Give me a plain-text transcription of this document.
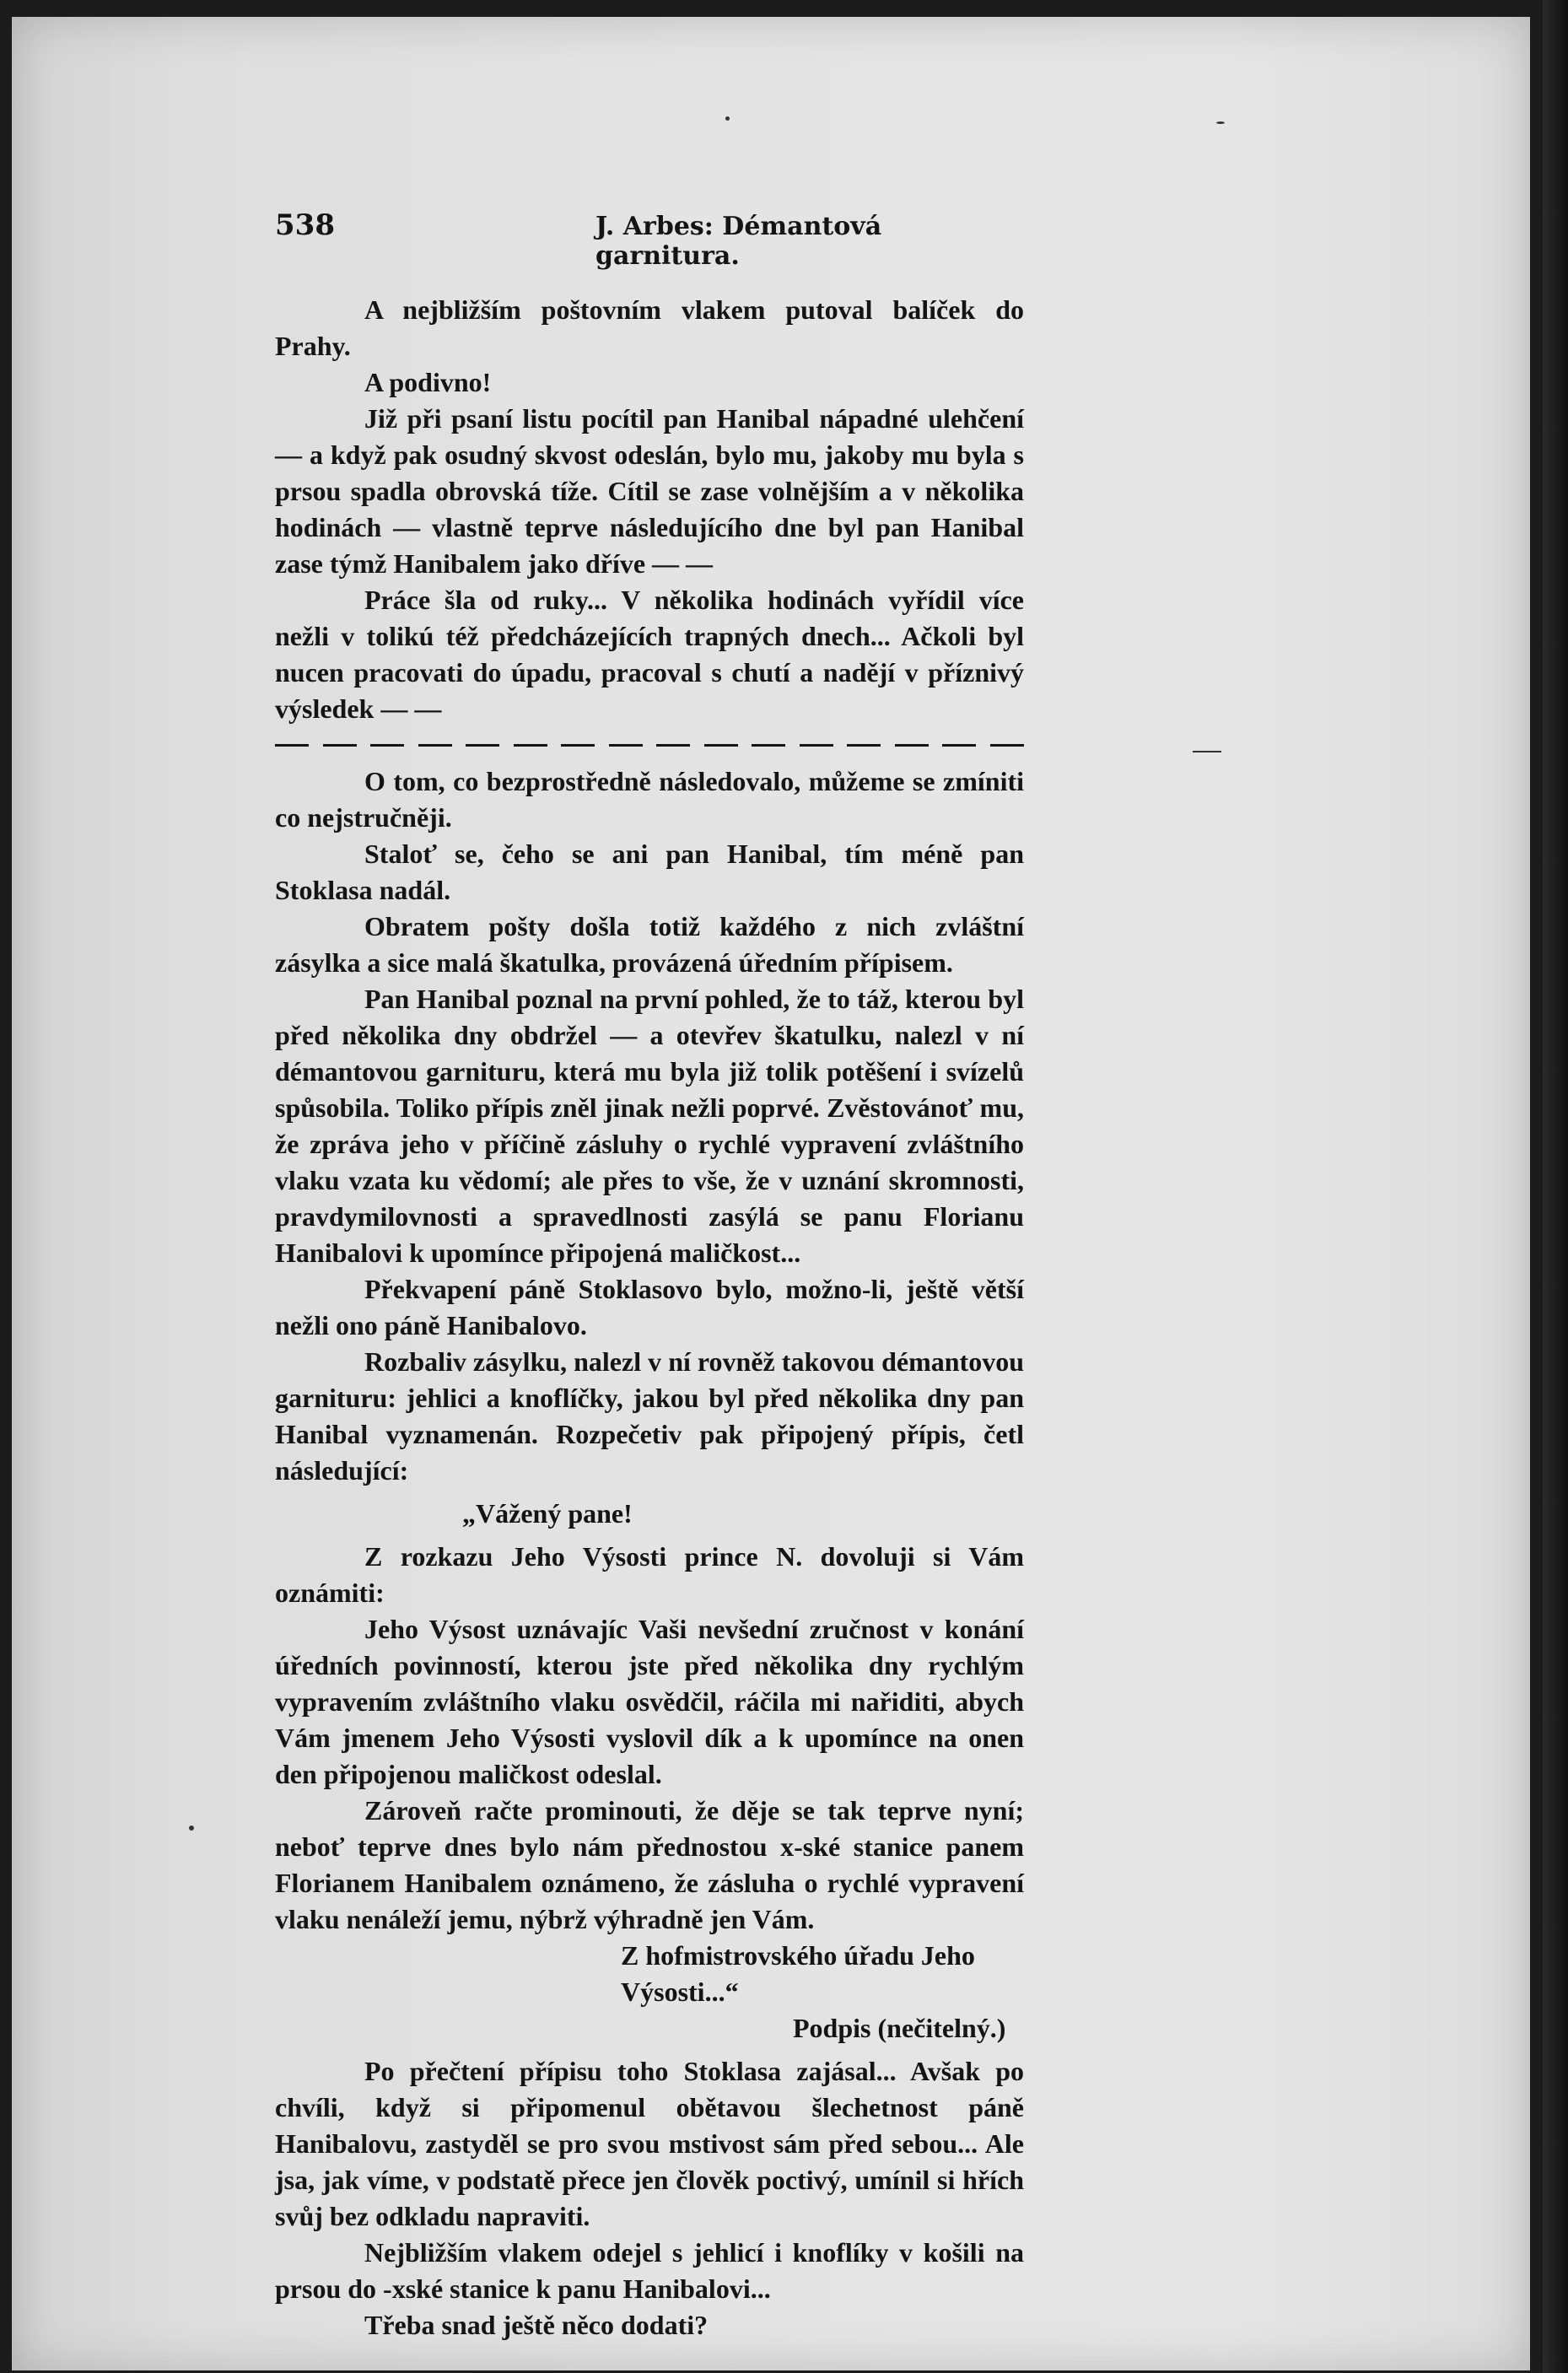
538	J. Arbes: Démantová garnitura.

A nejbližším poštovním vlakem putoval balíček do Prahy.

A podivno!

Již při psaní listu pocítil pan Hanibal nápadné ulehčení — a když pak osudný skvost odeslán, bylo mu, jakoby mu byla s prsou spadla obrovská tíže. Cítil se zase volnějším a v několika hodinách — vlastně teprve následujícího dne byl pan Hanibal zase týmž Hanibalem jako dříve — —

Práce šla od ruky... V několika hodinách vyřídil více nežli v tolikú též předcházejících trapných dnech... Ačkoli byl nucen pracovati do úpadu, pracoval s chutí a nadějí v příznivý výsledek — —

O tom, co bezprostředně následovalo, můžeme se zmíniti co nejstručněji.

Staloť se, čeho se ani pan Hanibal, tím méně pan Stoklasa nadál.

Obratem pošty došla totiž každého z nich zvláštní zásylka a sice malá škatulka, provázená úředním přípisem.

Pan Hanibal poznal na první pohled, že to táž, kterou byl před několika dny obdržel — a otevřev škatulku, nalezl v ní démantovou garnituru, která mu byla již tolik potěšení i svízelů spůsobila. Toliko přípis zněl jinak nežli poprvé. Zvěstovánoť mu, že zpráva jeho v příčině zásluhy o rychlé vypravení zvláštního vlaku vzata ku vědomí; ale přes to vše, že v uznání skromnosti, pravdymilovnosti a spravedlnosti zasýlá se panu Florianu Hanibalovi k upomínce připojená maličkost...

Překvapení páně Stoklasovo bylo, možno-li, ještě větší nežli ono páně Hanibalovo.

Rozbaliv zásylku, nalezl v ní rovněž takovou démantovou garnituru: jehlici a knoflíčky, jakou byl před několika dny pan Hanibal vyznamenán. Rozpečetiv pak připojený přípis, četl následující:

„Vážený pane!

Z rozkazu Jeho Výsosti prince N. dovoluji si Vám oznámiti:

Jeho Výsost uznávajíc Vaši nevšední zručnost v konání úředních povinností, kterou jste před několika dny rychlým vypravením zvláštního vlaku osvědčil, ráčila mi nařiditi, abych Vám jmenem Jeho Výsosti vyslovil dík a k upomínce na onen den připojenou maličkost odeslal.

Zároveň račte prominouti, že děje se tak teprve nyní; neboť teprve dnes bylo nám přednostou x-ské stanice panem Florianem Hanibalem oznámeno, že zásluha o rychlé vypravení vlaku nenáleží jemu, nýbrž výhradně jen Vám.

Z hofmistrovského úřadu Jeho Výsosti...“
Podpis (nečitelný.)

Po přečtení přípisu toho Stoklasa zajásal... Avšak po chvíli, když si připomenul obětavou šlechetnost páně Hanibalovu, zastyděl se pro svou mstivost sám před sebou... Ale jsa, jak víme, v podstatě přece jen člověk poctivý, umínil si hřích svůj bez odkladu napraviti.

Nejbližším vlakem odejel s jehlicí i knoflíky v košili na prsou do -xské stanice k panu Hanibalovi...

Třeba snad ještě něco dodati?
